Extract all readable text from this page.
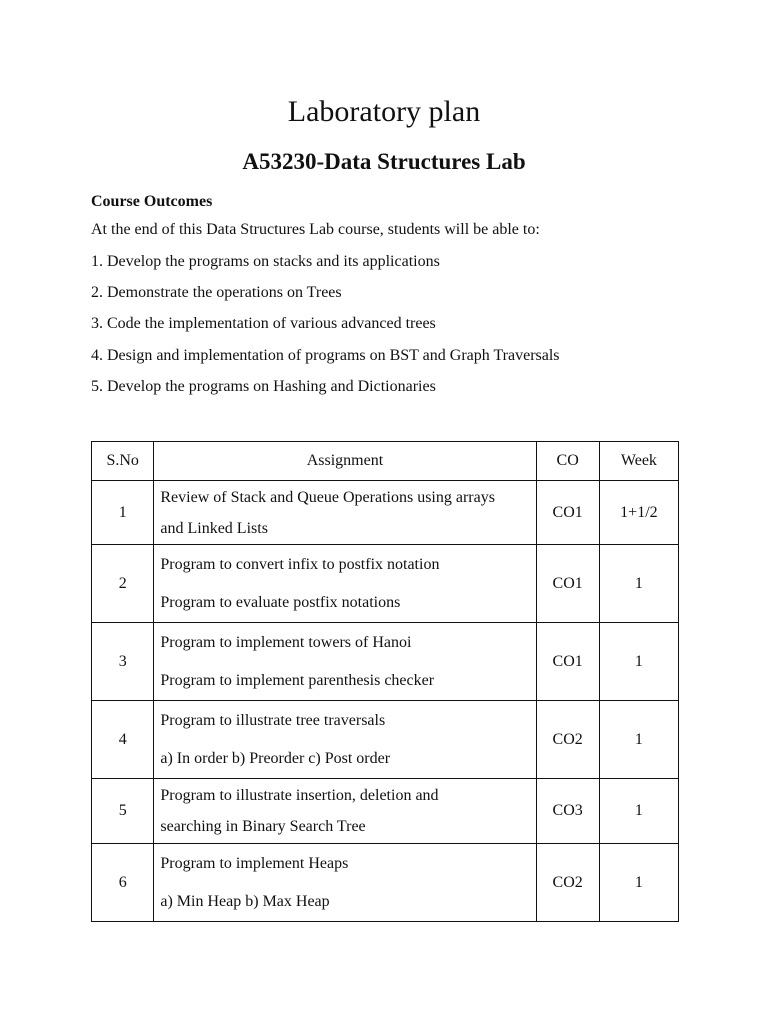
Laboratory plan
A53230-Data Structures Lab
Course Outcomes
At the end of this Data Structures Lab course, students will be able to:
1. Develop the programs on stacks and its applications
2. Demonstrate the operations on Trees
3. Code the implementation of various advanced trees
4. Design and implementation of programs on BST and Graph Traversals
5. Develop the programs on Hashing and Dictionaries
S.No	Assignment	CO	Week
1	Review of Stack and Queue Operations using arrays
and Linked Lists	CO1	1+1/2
2	Program to convert infix to postfix notation
Program to evaluate postfix notations	CO1	1
3	Program to implement towers of Hanoi
Program to implement parenthesis checker	CO1	1
4	Program to illustrate tree traversals
a) In order b) Preorder c) Post order	CO2	1
5	Program to illustrate insertion, deletion and
searching in Binary Search Tree	CO3	1
6	Program to implement Heaps
a) Min Heap b) Max Heap	CO2	1
